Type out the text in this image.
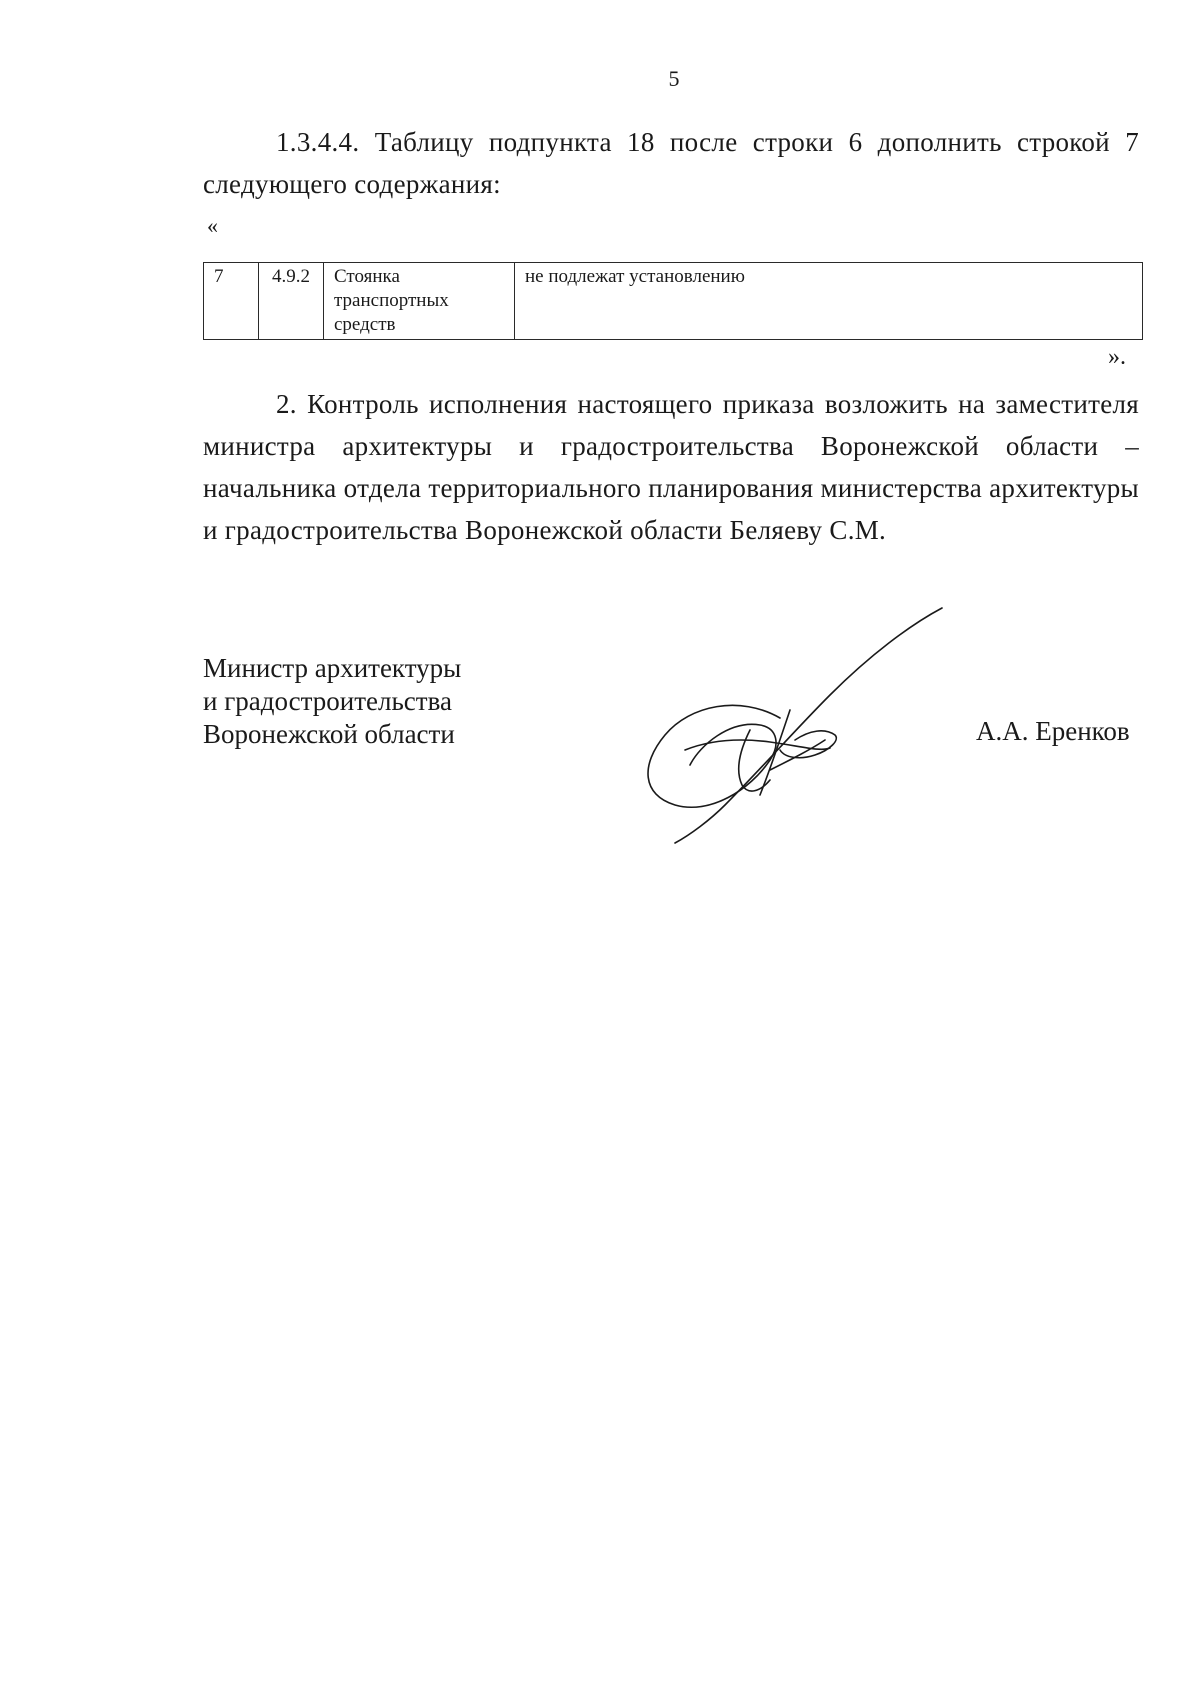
5
1.3.4.4. Таблицу подпункта 18 после строки 6 дополнить строкой 7 следующего содержания:
«
7	4.9.2	Стоянка транспортных средств	не подлежат установлению
».
2. Контроль исполнения настоящего приказа возложить на заместителя министра архитектуры и градостроительства Воронежской области – начальника отдела территориального планирования министерства архитектуры и градостроительства Воронежской области Беляеву С.М.
Министр архитектуры
и градостроительства
Воронежской области	А.А. Еренков
